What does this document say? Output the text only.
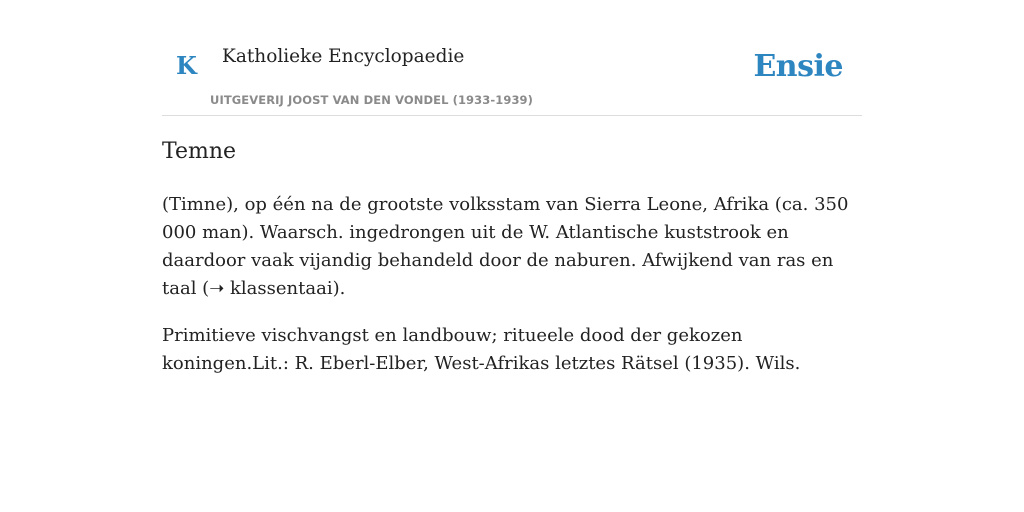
K Katholieke Encyclopaedie
UITGEVERIJ JOOST VAN DEN VONDEL (1933-1939)
Ensie
Temne

(Timne), op één na de grootste volksstam van Sierra Leone, Afrika (ca. 350 000 man). Waarsch. ingedrongen uit de W. Atlantische kuststrook en daardoor vaak vijandig behandeld door de naburen. Afwijkend van ras en taal (➝ klassentaai).

Primitieve vischvangst en landbouw; ritueele dood der gekozen koningen.Lit.: R. Eberl-Elber, West-Afrikas letztes Rätsel (1935). Wils.
